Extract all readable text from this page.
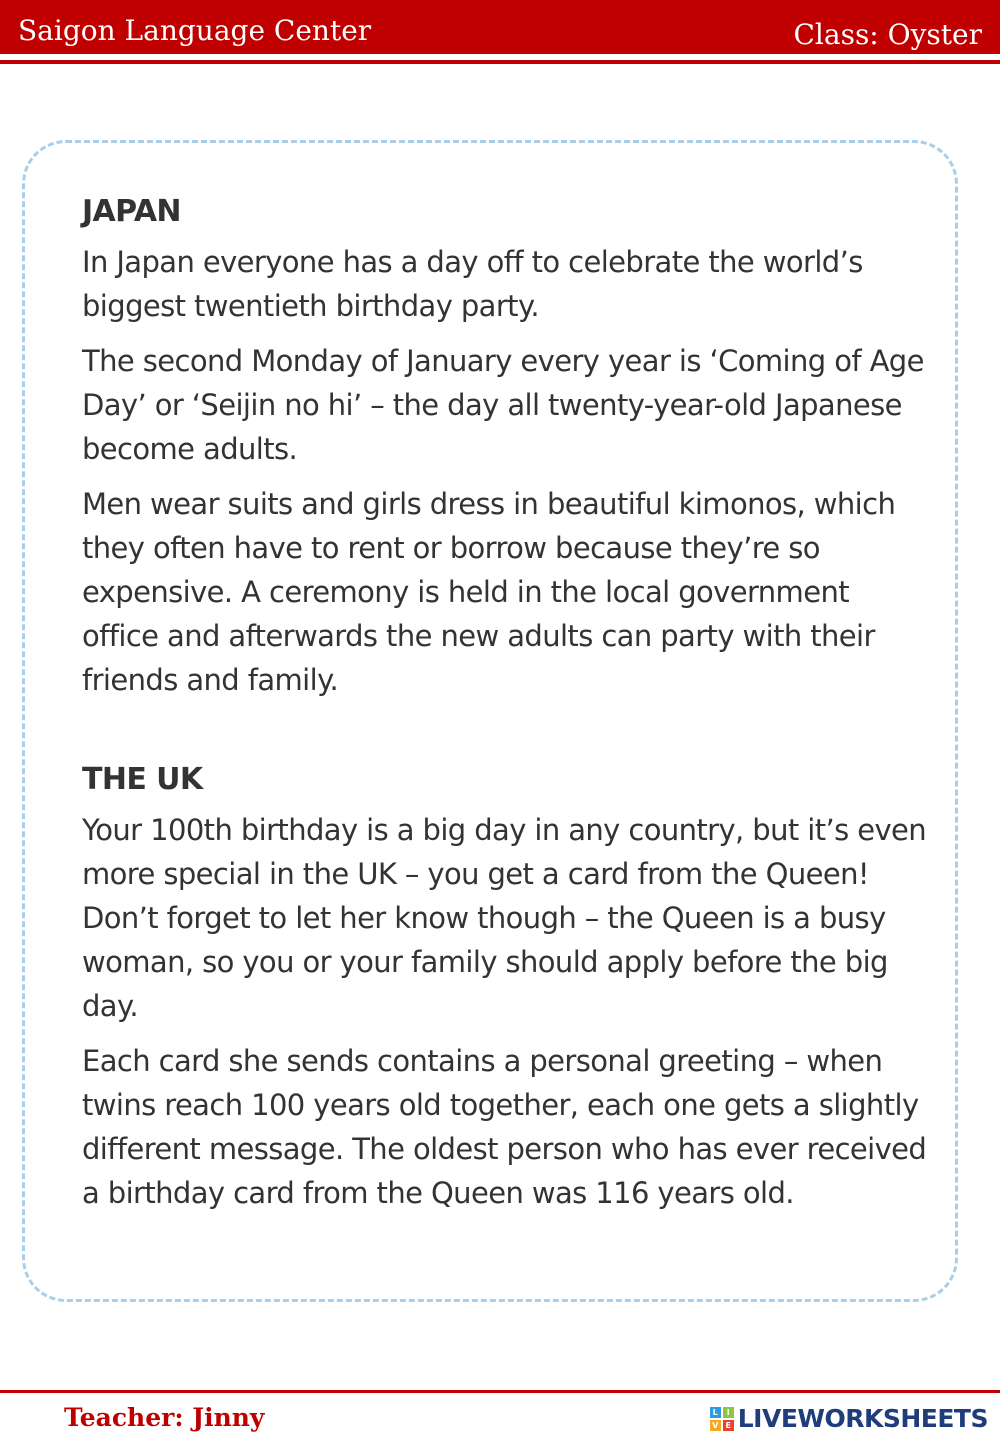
Saigon Language Center	Class: Oyster
JAPAN

In Japan everyone has a day off to celebrate the world’s biggest twentieth birthday party.

The second Monday of January every year is ‘Coming of Age Day’ or ‘Seijin no hi’ – the day all twenty-year-old Japanese become adults.

Men wear suits and girls dress in beautiful kimonos, which they often have to rent or borrow because they’re so expensive. A ceremony is held in the local government office and afterwards the new adults can party with their friends and family.

THE UK

Your 100th birthday is a big day in any country, but it’s even more special in the UK – you get a card from the Queen! Don’t forget to let her know though – the Queen is a busy woman, so you or your family should apply before the big day.

Each card she sends contains a personal greeting – when twins reach 100 years old together, each one gets a slightly different message. The oldest person who has ever received a birthday card from the Queen was 116 years old.

Teacher: Jinny	L	I
V E LIVEWORKSHEETS
